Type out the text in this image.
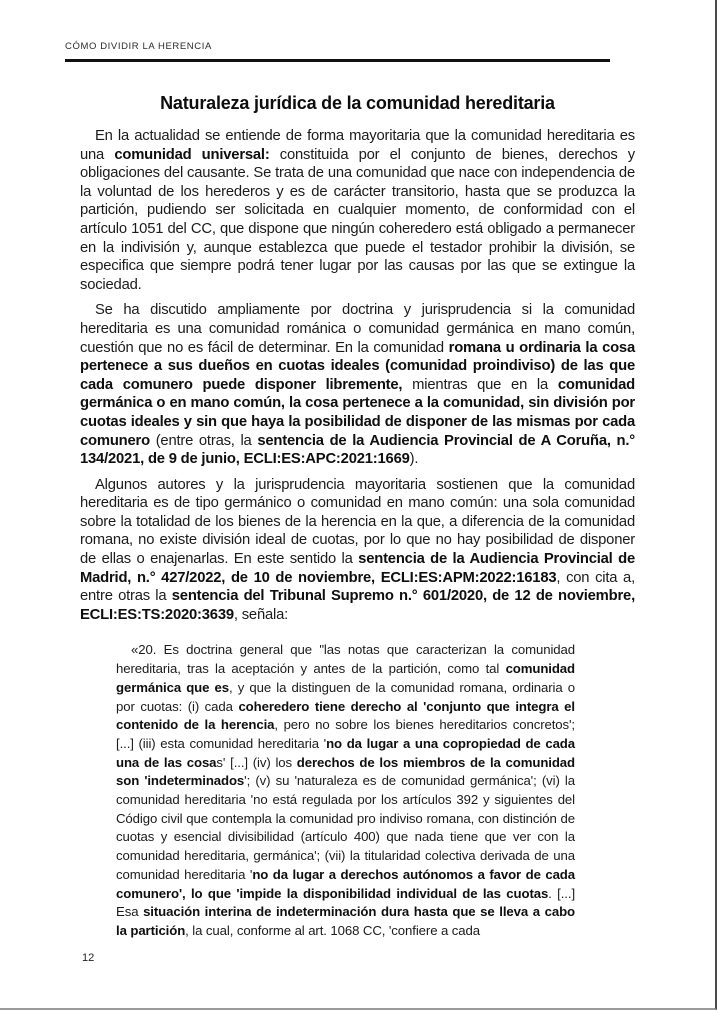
CÓMO DIVIDIR LA HERENCIA
Naturaleza jurídica de la comunidad hereditaria

En la actualidad se entiende de forma mayoritaria que la comunidad hereditaria es una comunidad universal: constituida por el conjunto de bienes, derechos y obligaciones del causante. Se trata de una comunidad que nace con independencia de la voluntad de los herederos y es de carácter transitorio, hasta que se produzca la partición, pudiendo ser solicitada en cualquier momento, de conformidad con el artículo 1051 del CC, que dispone que ningún coheredero está obligado a permanecer en la indivisión y, aunque establezca que puede el testador prohibir la división, se especifica que siempre podrá tener lugar por las causas por las que se extingue la sociedad.

Se ha discutido ampliamente por doctrina y jurisprudencia si la comunidad hereditaria es una comunidad románica o comunidad germánica en mano común, cuestión que no es fácil de determinar. En la comunidad romana u ordinaria la cosa pertenece a sus dueños en cuotas ideales (comunidad proindiviso) de las que cada comunero puede disponer libremente, mientras que en la comunidad germánica o en mano común, la cosa pertenece a la comunidad, sin división por cuotas ideales y sin que haya la posibilidad de disponer de las mismas por cada comunero (entre otras, la sentencia de la Audiencia Provincial de A Coruña, n.° 134/2021, de 9 de junio, ECLI:ES:APC:2021:1669).

Algunos autores y la jurisprudencia mayoritaria sostienen que la comunidad hereditaria es de tipo germánico o comunidad en mano común: una sola comunidad sobre la totalidad de los bienes de la herencia en la que, a diferencia de la comunidad romana, no existe división ideal de cuotas, por lo que no hay posibilidad de disponer de ellas o enajenarlas. En este sentido la sentencia de la Audiencia Provincial de Madrid, n.° 427/2022, de 10 de noviembre, ECLI:ES:APM:2022:16183, con cita a, entre otras la sentencia del Tribunal Supremo n.° 601/2020, de 12 de noviembre, ECLI:ES:TS:2020:3639, señala:

«20. Es doctrina general que "las notas que caracterizan la comunidad hereditaria, tras la aceptación y antes de la partición, como tal comunidad germánica que es, y que la distinguen de la comunidad romana, ordinaria o por cuotas: (i) cada coheredero tiene derecho al 'conjunto que integra el contenido de la herencia, pero no sobre los bienes hereditarios concretos'; [...] (iii) esta comunidad hereditaria 'no da lugar a una copropiedad de cada una de las cosas' [...] (iv) los derechos de los miembros de la comunidad son 'indeterminados'; (v) su 'naturaleza es de comunidad germánica'; (vi) la comunidad hereditaria 'no está regulada por los artículos 392 y siguientes del Código civil que contempla la comunidad pro indiviso romana, con distinción de cuotas y esencial divisibilidad (artículo 400) que nada tiene que ver con la comunidad hereditaria, germánica'; (vii) la titularidad colectiva derivada de una comunidad hereditaria 'no da lugar a derechos autónomos a favor de cada comunero', lo que 'impide la disponibilidad individual de las cuotas. [...] Esa situación interina de indeterminación dura hasta que se lleva a cabo la partición, la cual, conforme al art. 1068 CC, 'confiere a cada
12
